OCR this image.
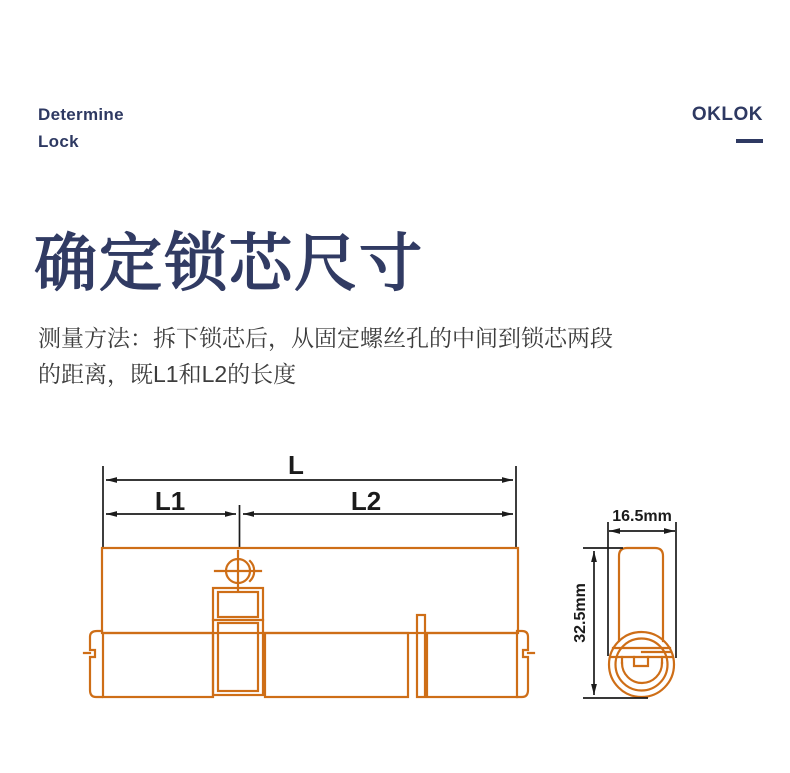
Determine
Lock
OKLOK
确定锁芯尺寸
测量方法：拆下锁芯后，从固定螺丝孔的中间到锁芯两段
的距离，既L1和L2的长度
L
L1	L2
16.5mm
32.5mm
